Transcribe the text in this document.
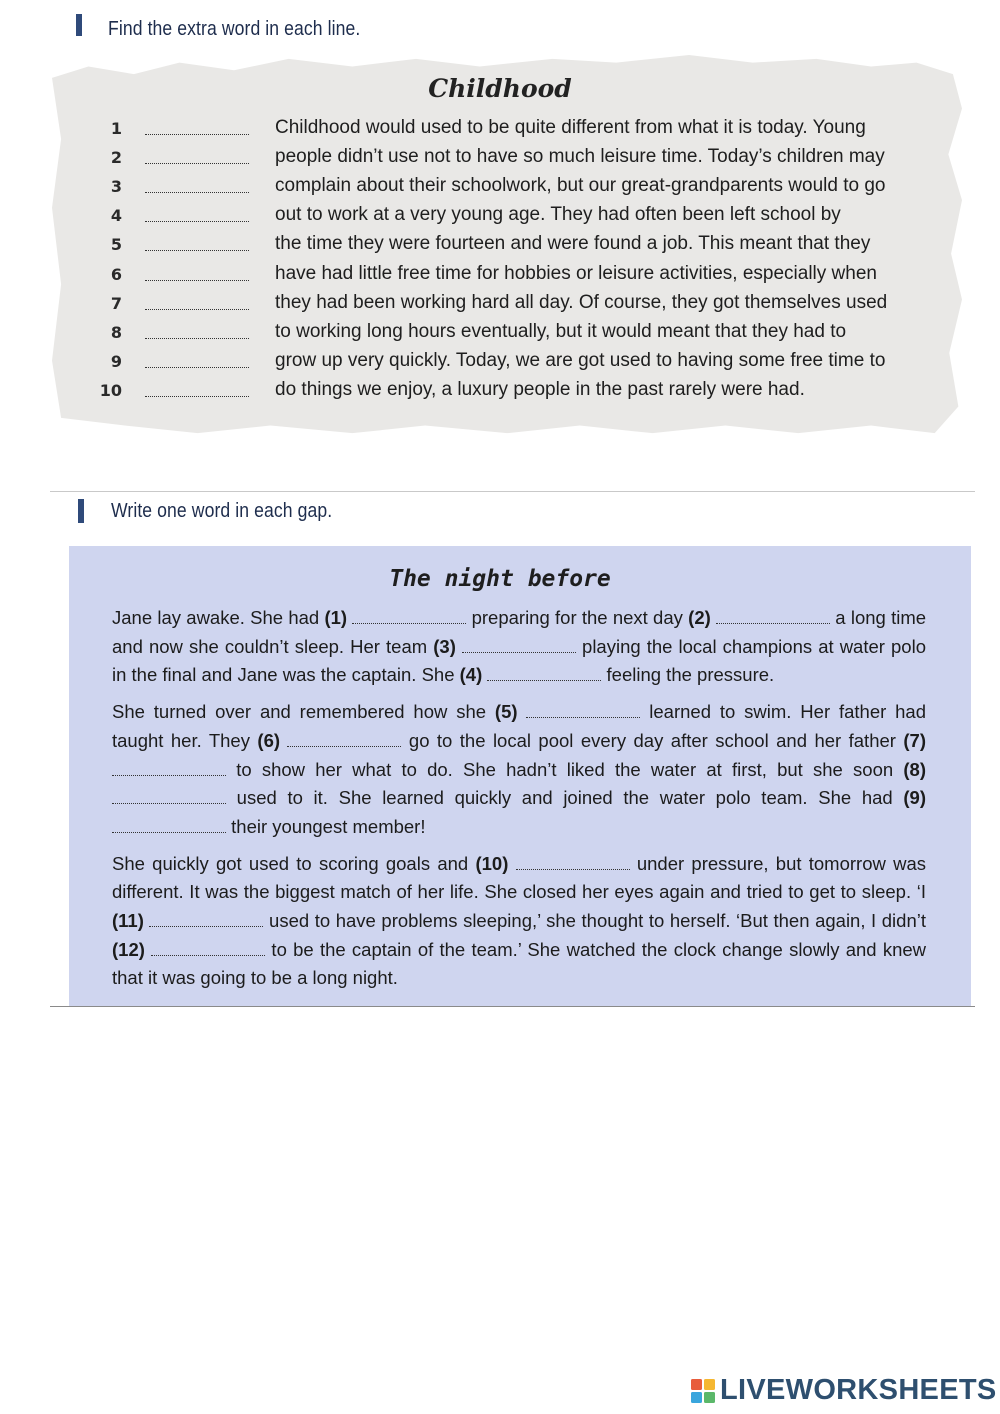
Find the extra word in each line.
Childhood
1	Childhood would used to be quite different from what it is today. Young
2	people didn’t use not to have so much leisure time. Today’s children may
3	complain about their schoolwork, but our great-grandparents would to go
4	out to work at a very young age. They had often been left school by
5	the time they were fourteen and were found a job. This meant that they
6	have had little free time for hobbies or leisure activities, especially when
7	they had been working hard all day. Of course, they got themselves used
8	to working long hours eventually, but it would meant that they had to
9	grow up very quickly. Today, we are got used to having some free time to
10	do things we enjoy, a luxury people in the past rarely were had.
Write one word in each gap.
The night before

Jane lay awake. She had (1)	preparing for the next day (2)	a long time and now she couldn’t sleep. Her team (3)	playing the local champions at water polo in the final and Jane was the captain. She (4)	feeling the pressure.

She turned over and remembered how she (5)	learned to swim. Her father had taught her. They (6)	go to the local pool every day after school and her father (7)  to show her what to do. She hadn’t liked the water at first, but she soon (8)  used to it. She learned quickly and joined the water polo team. She had (9)  their youngest member!

She quickly got used to scoring goals and (10)	under pressure, but tomorrow was different. It was the biggest match of her life. She closed her eyes again and tried to get to sleep. ‘I (11)	used to have problems sleeping,’ she thought to herself. ‘But then again, I didn’t (12)	to be the captain of the team.’ She watched the clock change slowly and knew that it was going to be a long night.

LIVEWORKSHEETS
